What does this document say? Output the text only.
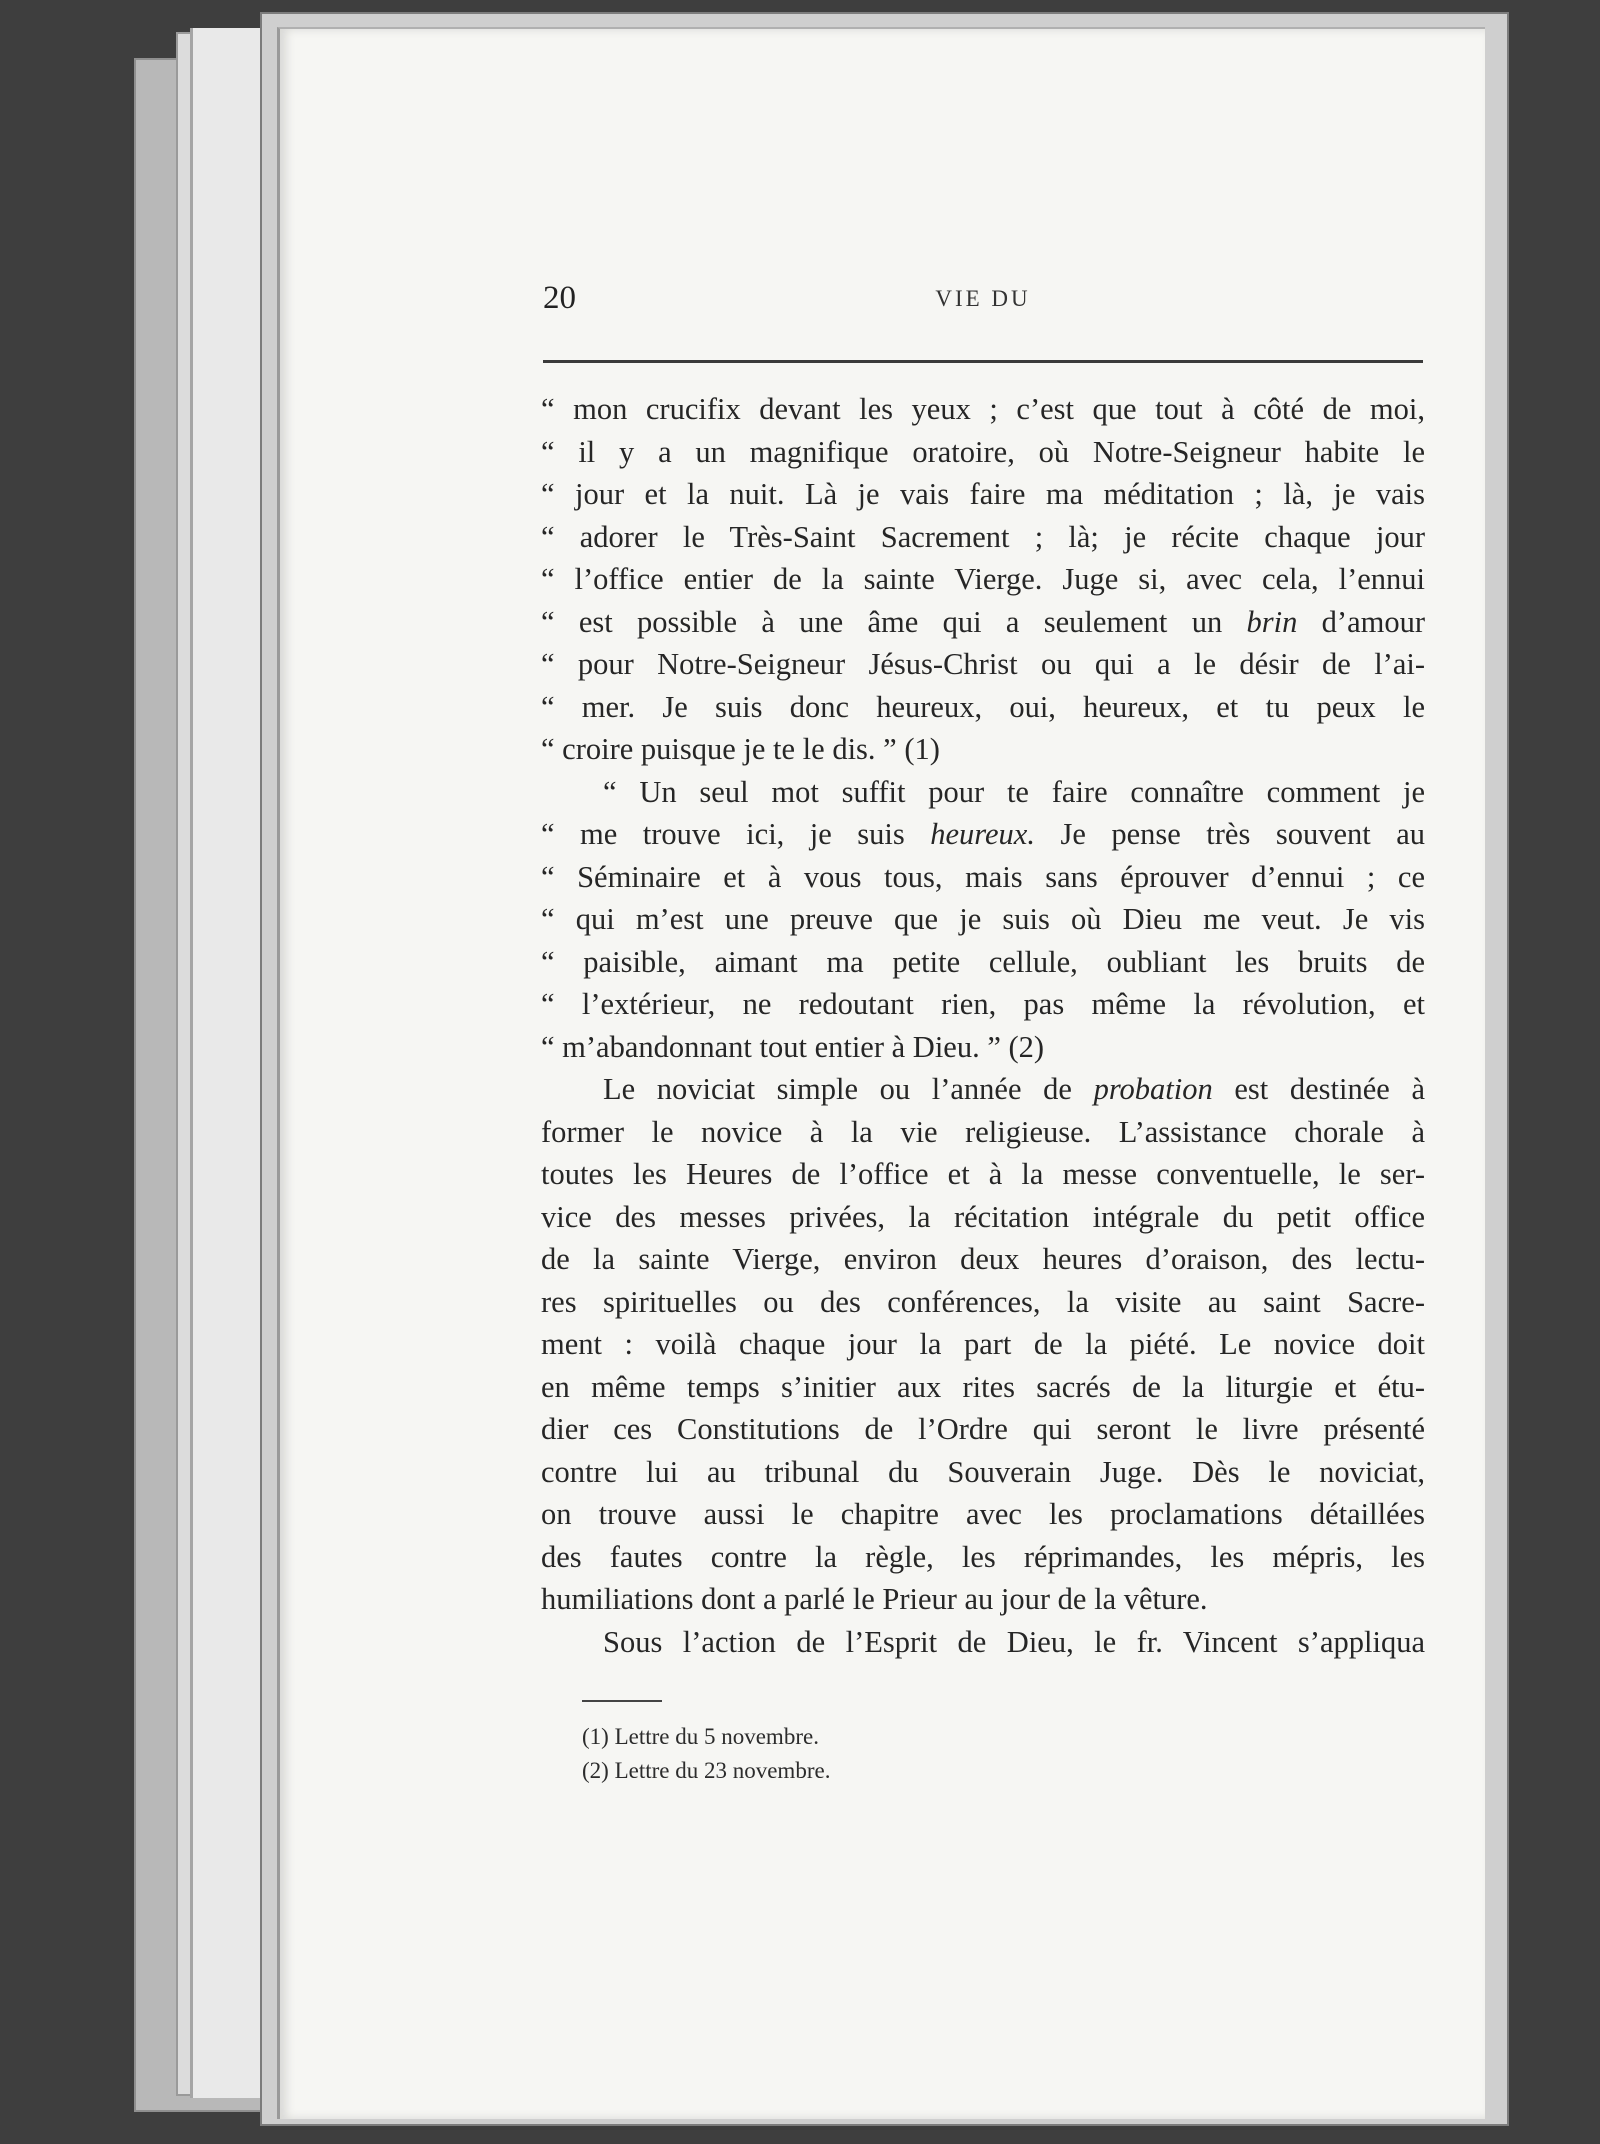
20	VIE DU
“ mon crucifix devant les yeux ; c’est que tout à côté de moi,
“ il y a un magnifique oratoire, où Notre-Seigneur habite le
“ jour et la nuit. Là je vais faire ma méditation ; là, je vais
“ adorer le Très-Saint Sacrement ; là; je récite chaque jour
“ l’office entier de la sainte Vierge. Juge si, avec cela, l’ennui
“ est possible à une âme qui a seulement un brin d’amour
“ pour Notre-Seigneur Jésus-Christ ou qui a le désir de l’ai-
“ mer. Je suis donc heureux, oui, heureux, et tu peux le
“ croire puisque je te le dis. ” (1)
“ Un seul mot suffit pour te faire connaître comment je
“ me trouve ici, je suis heureux. Je pense très souvent au
“ Séminaire et à vous tous, mais sans éprouver d’ennui ; ce
“ qui m’est une preuve que je suis où Dieu me veut. Je vis
“ paisible, aimant ma petite cellule, oubliant les bruits de
“ l’extérieur, ne redoutant rien, pas même la révolution, et
“ m’abandonnant tout entier à Dieu. ” (2)
Le noviciat simple ou l’année de probation est destinée à
former le novice à la vie religieuse. L’assistance chorale à
toutes les Heures de l’office et à la messe conventuelle, le ser-
vice des messes privées, la récitation intégrale du petit office
de la sainte Vierge, environ deux heures d’oraison, des lectu-
res spirituelles ou des conférences, la visite au saint Sacre-
ment : voilà chaque jour la part de la piété. Le novice doit
en même temps s’initier aux rites sacrés de la liturgie et étu-
dier ces Constitutions de l’Ordre qui seront le livre présenté
contre lui au tribunal du Souverain Juge. Dès le noviciat,
on trouve aussi le chapitre avec les proclamations détaillées
des fautes contre la règle, les réprimandes, les mépris, les
humiliations dont a parlé le Prieur au jour de la vêture.
Sous l’action de l’Esprit de Dieu, le fr. Vincent s’appliqua
(1) Lettre du 5 novembre.
(2) Lettre du 23 novembre.
